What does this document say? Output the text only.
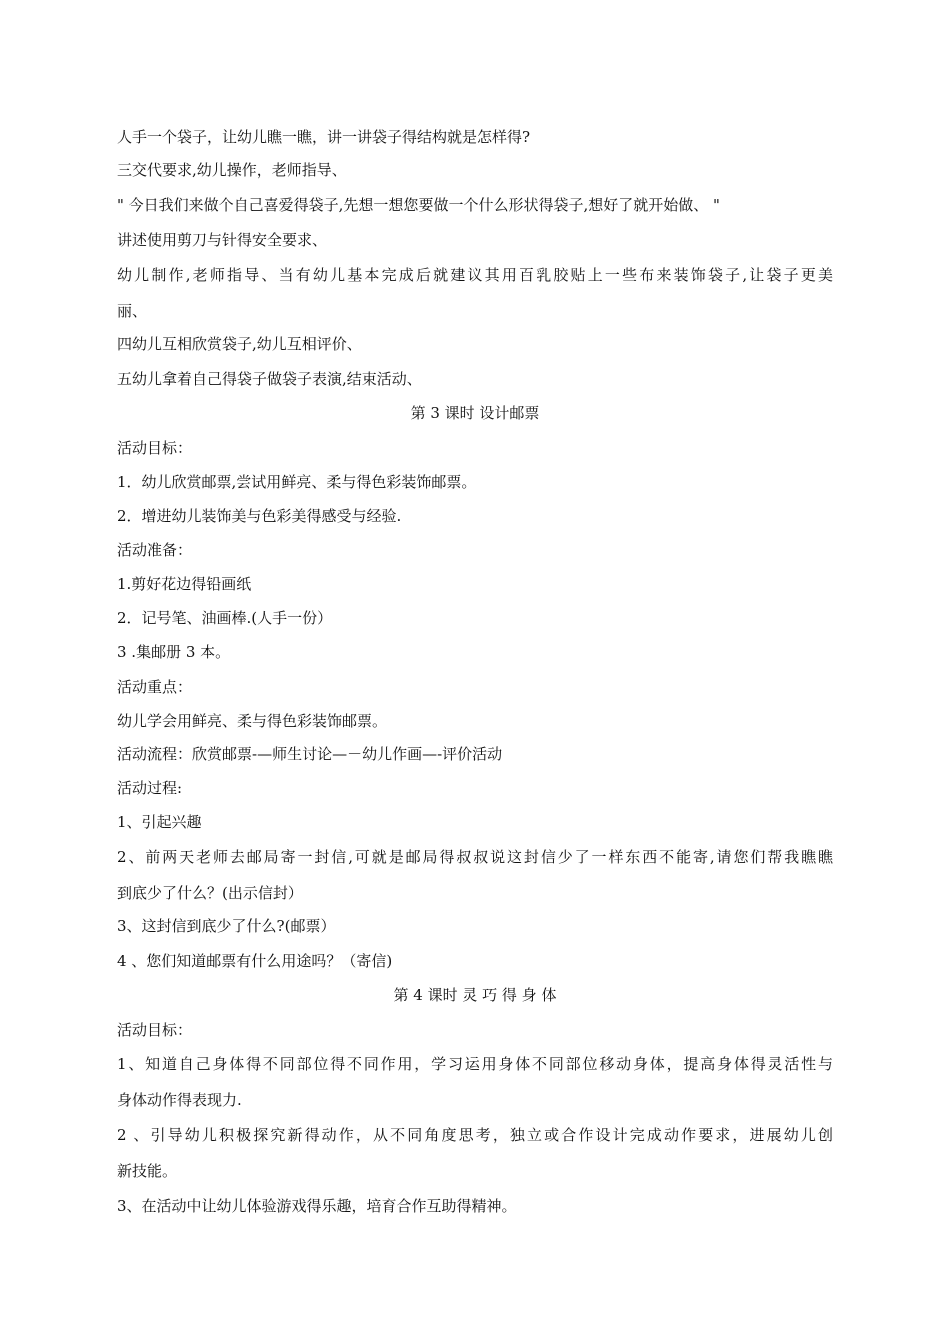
人手一个袋子，让幼儿瞧一瞧，讲一讲袋子得结构就是怎样得?
三交代要求,幼儿操作，老师指导、
" 今日我们来做个自己喜爱得袋子,先想一想您要做一个什么形状得袋子,想好了就开始做、 "
讲述使用剪刀与针得安全要求、
幼儿制作,老师指导、当有幼儿基本完成后就建议其用百乳胶贴上一些布来装饰袋子,让袋子更美
丽、
四幼儿互相欣赏袋子,幼儿互相评价、
五幼儿拿着自己得袋子做袋子表演,结束活动、
第 3 课时 设计邮票
活动目标：
1．幼儿欣赏邮票,尝试用鲜亮、柔与得色彩装饰邮票。
2．增进幼儿装饰美与色彩美得感受与经验.
活动准备：
1.剪好花边得铅画纸
2．记号笔、油画棒.(人手一份）
3 .集邮册 3 本。
活动重点：
幼儿学会用鲜亮、柔与得色彩装饰邮票。
活动流程：欣赏邮票-—师生讨论—－幼儿作画—-评价活动
活动过程:
1、引起兴趣
2、前两天老师去邮局寄一封信,可就是邮局得叔叔说这封信少了一样东西不能寄,请您们帮我瞧瞧
到底少了什么？(出示信封）
3、这封信到底少了什么?(邮票）
4 、您们知道邮票有什么用途吗？（寄信)
第 4 课时 灵 巧 得 身 体
活动目标：
1、知道自己身体得不同部位得不同作用，学习运用身体不同部位移动身体，提高身体得灵活性与
身体动作得表现力.
2 、引导幼儿积极探究新得动作，从不同角度思考，独立或合作设计完成动作要求，进展幼儿创
新技能。
3、在活动中让幼儿体验游戏得乐趣，培育合作互助得精神。
